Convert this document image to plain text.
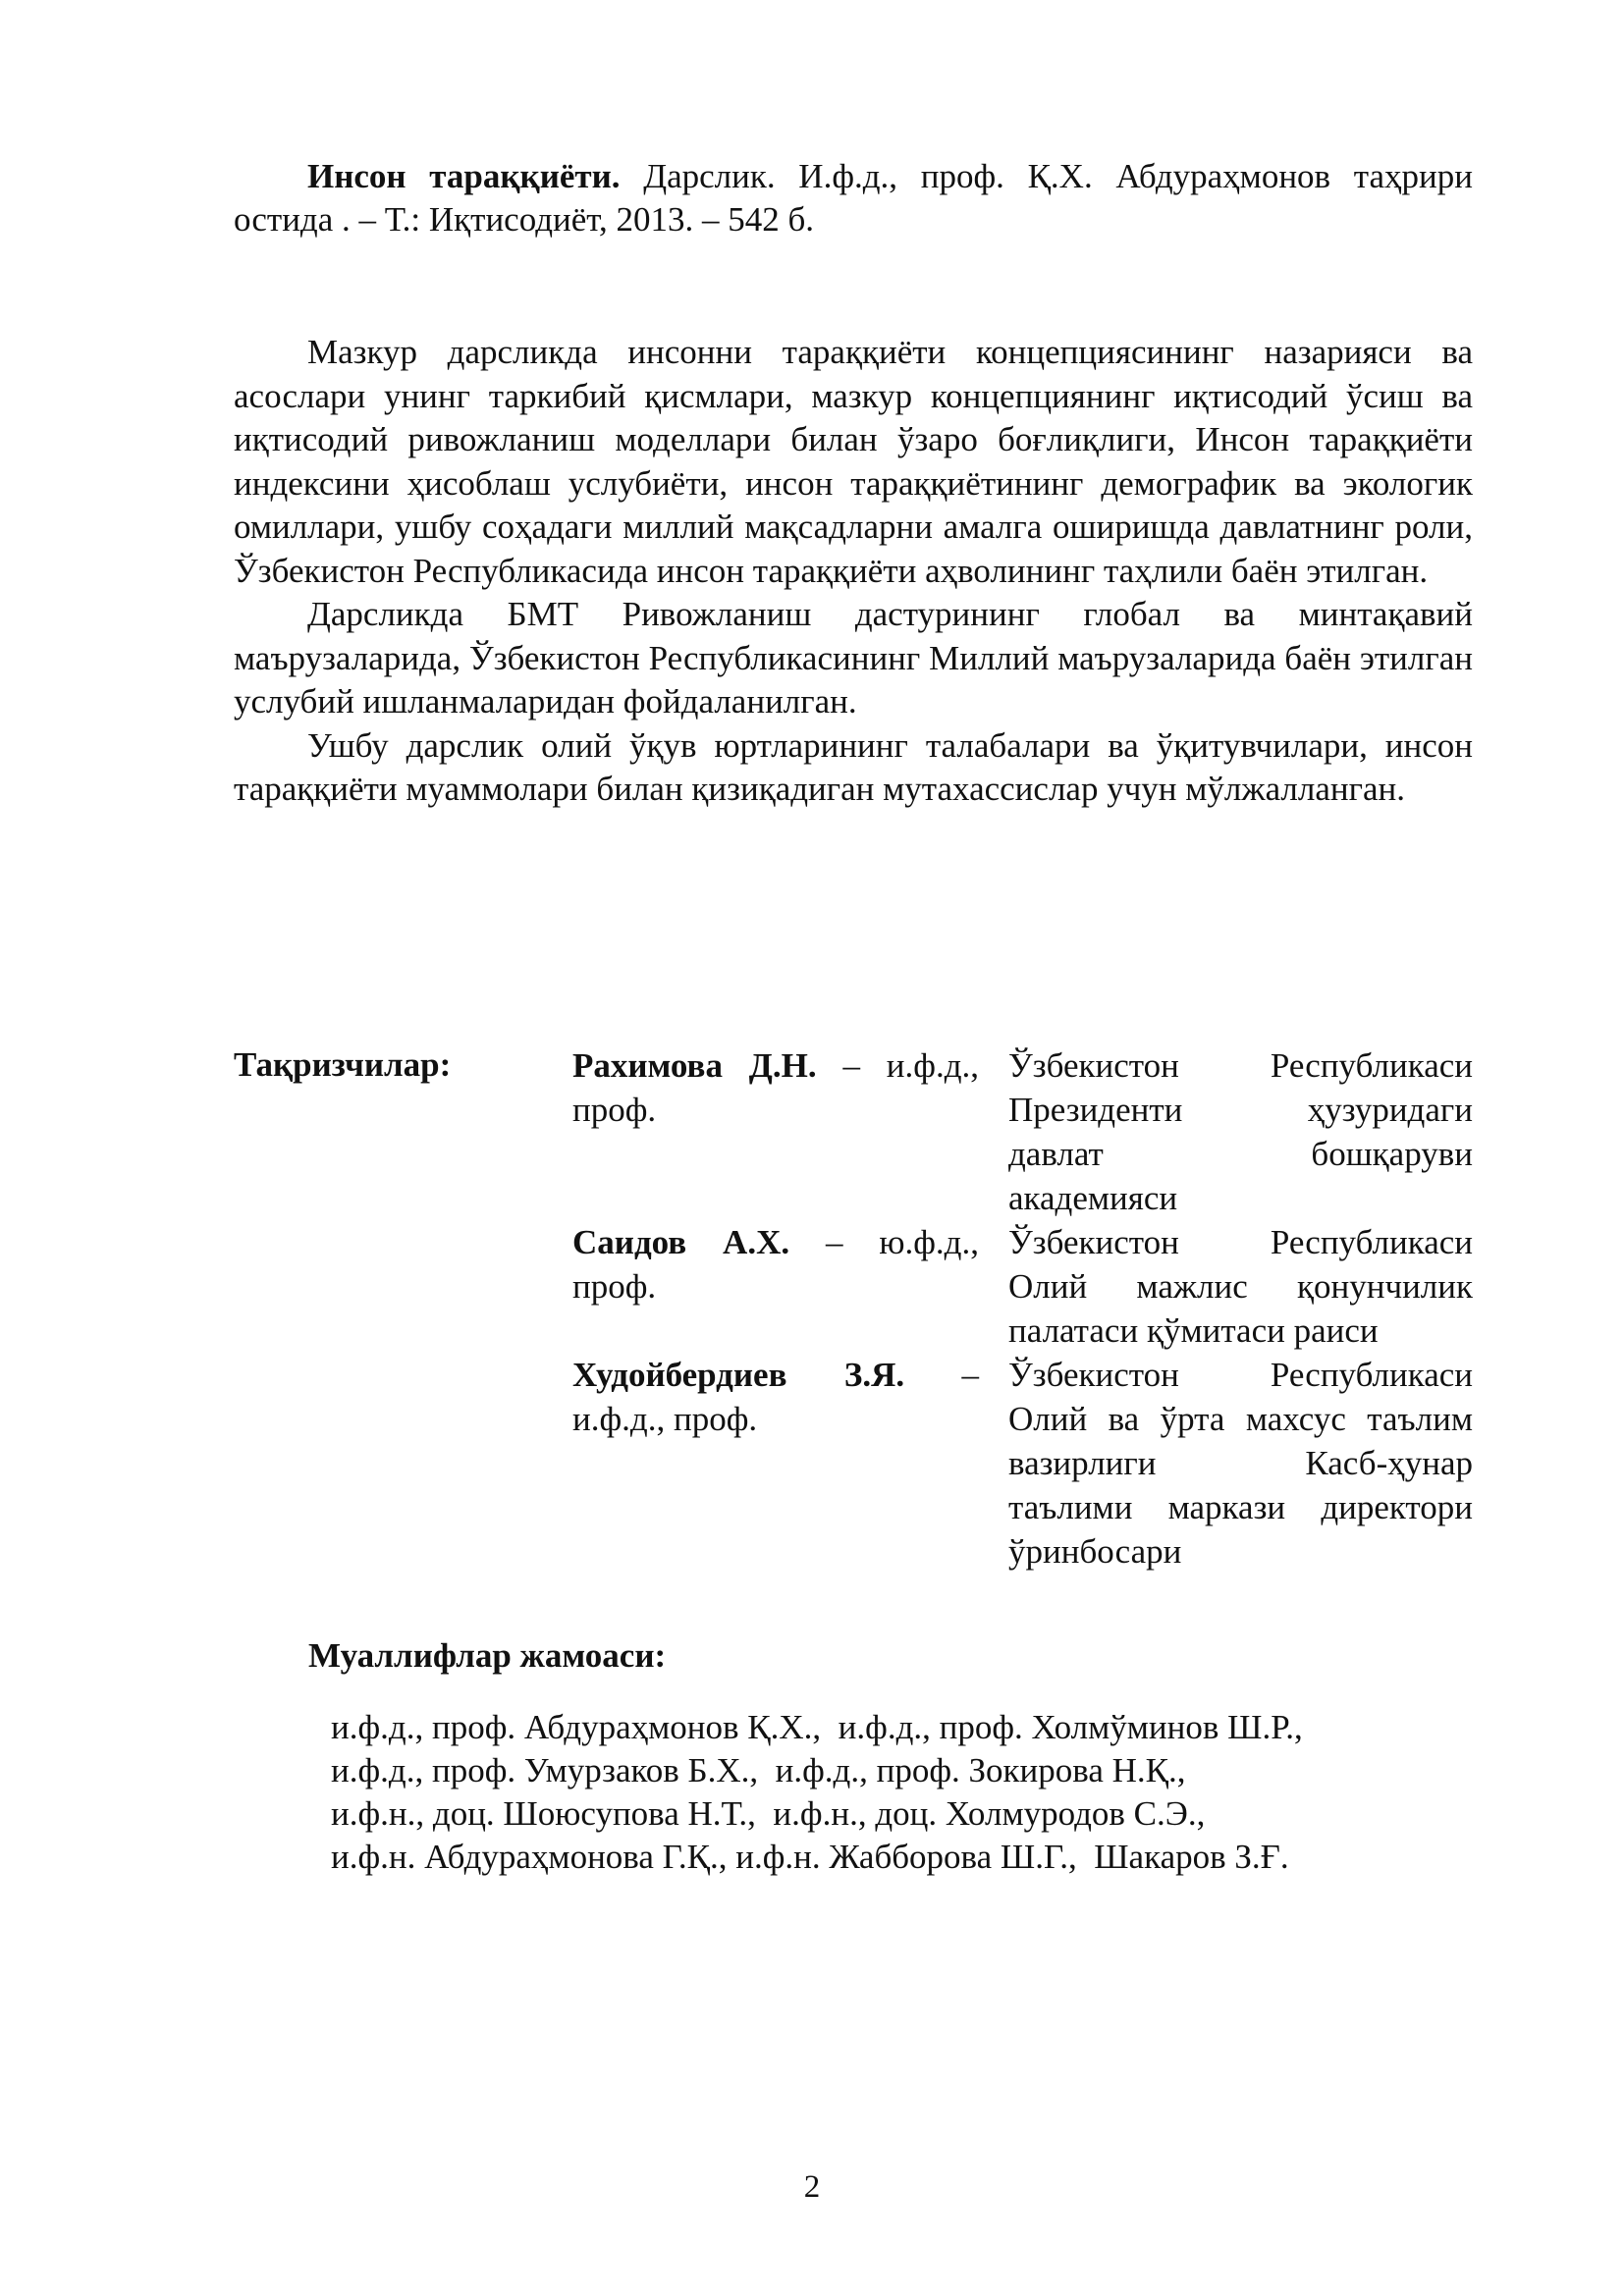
Инсон тараққиёти. Дарслик. И.ф.д., проф. Қ.Х. Абдураҳмонов таҳрири остида . – Т.: Иқтисодиёт, 2013. – 542 б.

Мазкур дарсликда инсонни тараққиёти концепциясининг назарияси ва асослари унинг таркибий қисмлари, мазкур концепциянинг иқтисодий ўсиш ва иқтисодий ривожланиш моделлари билан ўзаро боғлиқлиги, Инсон тараққиёти индексини ҳисоблаш услубиёти, инсон тараққиётининг демографик ва экологик омиллари, ушбу соҳадаги миллий мақсадларни амалга оширишда давлатнинг роли, Ўзбекистон Республикасида инсон тараққиёти аҳволининг таҳлили баён этилган.

Дарсликда БМТ Ривожланиш дастурининг глобал ва минтақавий маърузаларида, Ўзбекистон Республикасининг Миллий маърузаларида баён этилган услубий ишланмаларидан фойдаланилган.

Ушбу дарслик олий ўқув юртларининг талабалари ва ўқитувчилари, инсон тараққиёти муаммолари билан қизиқадиган мутахассислар учун мўлжалланган.

Тақризчилар:	Рахимова Д.Н. – и.ф.д., проф.
Ўзбекистон Республикаси
Президенти ҳузуридаги
давлат бошқаруви
академияси
Саидов А.Х. – ю.ф.д., проф.
Ўзбекистон Республикаси
Олий мажлис қонунчилик
палатаси қўмитаси раиси
Худойбердиев З.Я. – и.ф.д., проф.
Ўзбекистон Республикаси
Олий ва ўрта махсус таълим
вазирлиги Касб-ҳунар
таълими маркази директори
ўринбосари
Муаллифлар жамоаси:
и.ф.д., проф. Абдураҳмонов Қ.Х.,  и.ф.д., проф. Холмўминов Ш.Р.,
и.ф.д., проф. Умурзаков Б.Х.,  и.ф.д., проф. Зокирова Н.Қ.,
и.ф.н., доц. Шоюсупова Н.Т.,  и.ф.н., доц. Холмуродов С.Э.,
и.ф.н. Абдураҳмонова Г.Қ., и.ф.н. Жабборова Ш.Г.,  Шакаров З.Ғ.
2
